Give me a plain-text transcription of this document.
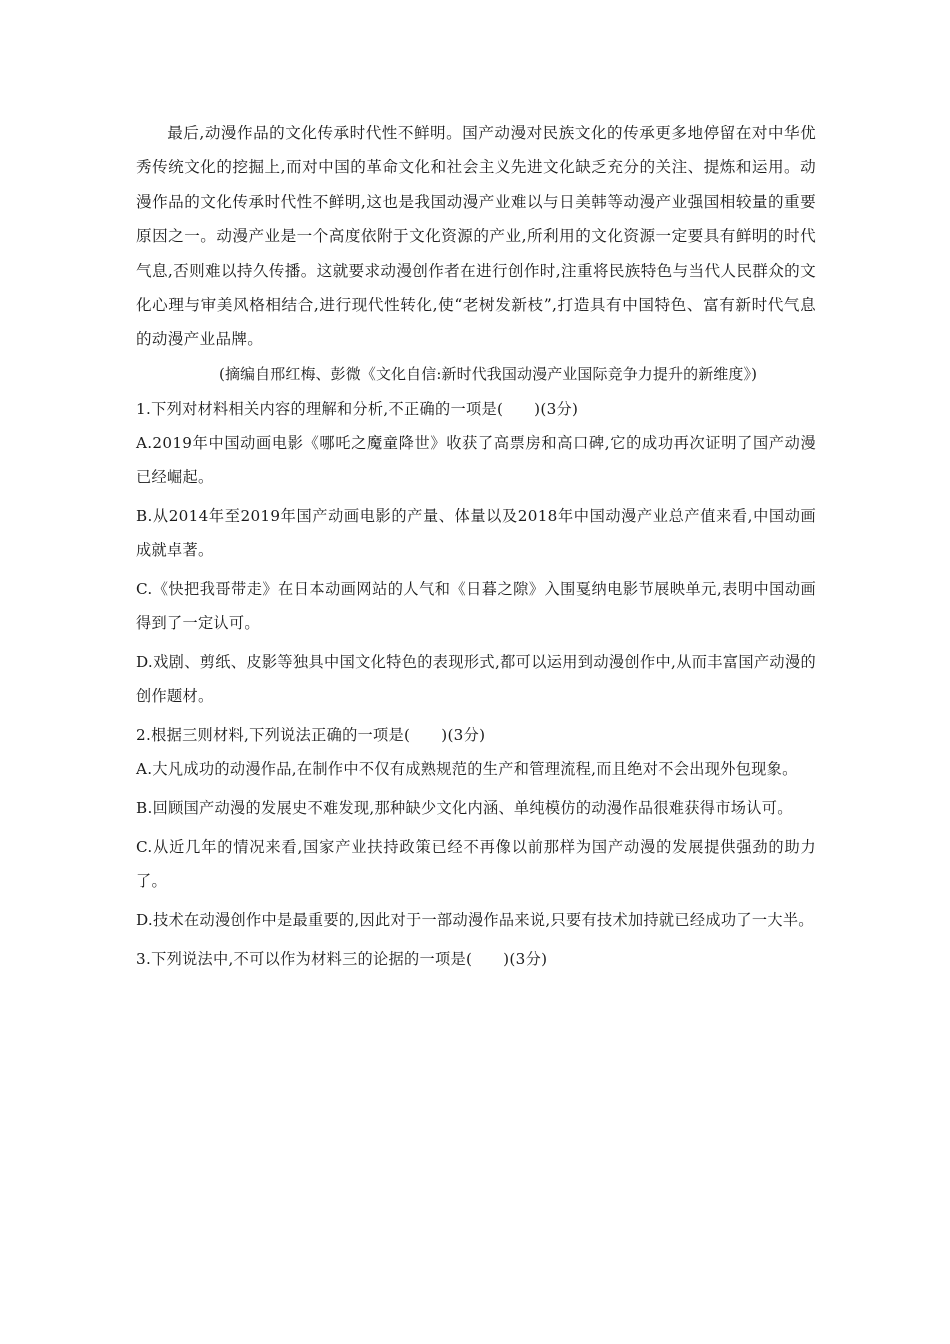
最后,动漫作品的文化传承时代性不鲜明。国产动漫对民族文化的传承更多地停留在对中华优秀传统文化的挖掘上,而对中国的革命文化和社会主义先进文化缺乏充分的关注、提炼和运用。动漫作品的文化传承时代性不鲜明,这也是我国动漫产业难以与日美韩等动漫产业强国相较量的重要原因之一。动漫产业是一个高度依附于文化资源的产业,所利用的文化资源一定要具有鲜明的时代气息,否则难以持久传播。这就要求动漫创作者在进行创作时,注重将民族特色与当代人民群众的文化心理与审美风格相结合,进行现代性转化,使“老树发新枝”,打造具有中国特色、富有新时代气息的动漫产业品牌。

(摘编自邢红梅、彭微《文化自信:新时代我国动漫产业国际竞争力提升的新维度》)

1.下列对材料相关内容的理解和分析,不正确的一项是(　　)(3分)

A.2019年中国动画电影《哪吒之魔童降世》收获了高票房和高口碑,它的成功再次证明了国产动漫已经崛起。

B.从2014年至2019年国产动画电影的产量、体量以及2018年中国动漫产业总产值来看,中国动画成就卓著。

C.《快把我哥带走》在日本动画网站的人气和《日暮之隙》入围戛纳电影节展映单元,表明中国动画得到了一定认可。

D.戏剧、剪纸、皮影等独具中国文化特色的表现形式,都可以运用到动漫创作中,从而丰富国产动漫的创作题材。

2.根据三则材料,下列说法正确的一项是(　　)(3分)

A.大凡成功的动漫作品,在制作中不仅有成熟规范的生产和管理流程,而且绝对不会出现外包现象。

B.回顾国产动漫的发展史不难发现,那种缺少文化内涵、单纯模仿的动漫作品很难获得市场认可。

C.从近几年的情况来看,国家产业扶持政策已经不再像以前那样为国产动漫的发展提供强劲的助力了。

D.技术在动漫创作中是最重要的,因此对于一部动漫作品来说,只要有技术加持就已经成功了一大半。

3.下列说法中,不可以作为材料三的论据的一项是(　　)(3分)
